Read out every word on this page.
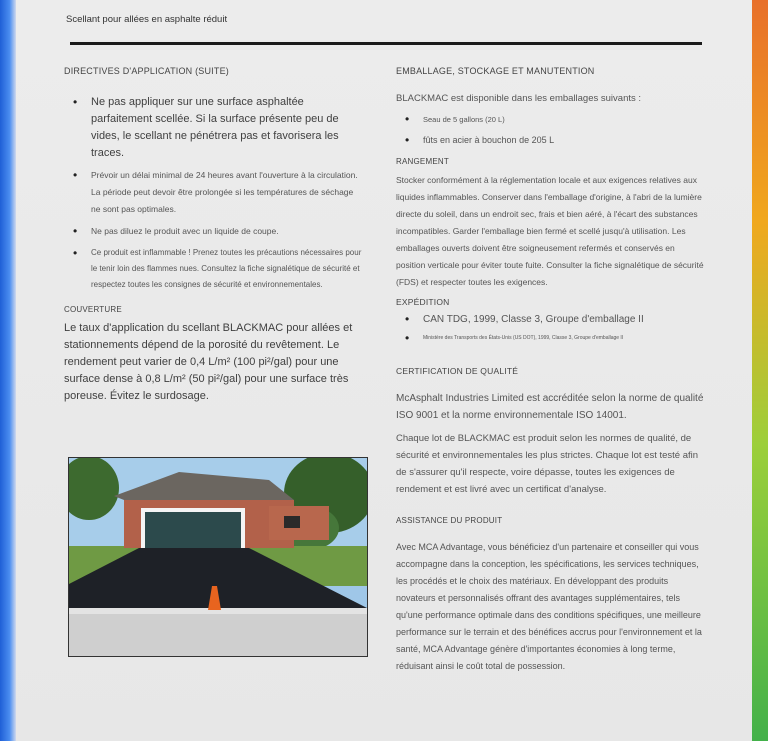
Scellant pour allées en asphalte réduit
DIRECTIVES D'APPLICATION (SUITE)
• Ne pas appliquer sur une surface asphaltée parfaitement scellée. Si la surface présente peu de vides, le scellant ne pénétrera pas et favorisera les traces.
• Prévoir un délai minimal de 24 heures avant l'ouverture à la circulation. La période peut devoir être prolongée si les températures de séchage ne sont pas optimales.
• Ne pas diluez le produit avec un liquide de coupe.
• Ce produit est inflammable ! Prenez toutes les précautions nécessaires pour le tenir loin des flammes nues. Consultez la fiche signalétique de sécurité et respectez toutes les consignes de sécurité et environnementales.
COUVERTURE

Le taux d'application du scellant BLACKMAC pour allées et stationnements dépend de la porosité du revêtement. Le rendement peut varier de 0,4 L/m² (100 pi²/gal) pour une surface dense à 0,8 L/m² (50 pi²/gal) pour une surface très poreuse. Évitez le surdosage.

EMBALLAGE, STOCKAGE ET MANUTENTION

BLACKMAC est disponible dans les emballages suivants :

• Seau de 5 gallons (20 L)
• fûts en acier à bouchon de 205 L
RANGEMENT

Stocker conformément à la réglementation locale et aux exigences relatives aux liquides inflammables. Conserver dans l'emballage d'origine, à l'abri de la lumière directe du soleil, dans un endroit sec, frais et bien aéré, à l'écart des substances incompatibles. Garder l'emballage bien fermé et scellé jusqu'à utilisation. Les emballages ouverts doivent être soigneusement refermés et conservés en position verticale pour éviter toute fuite. Consulter la fiche signalétique de sécurité (FDS) et respecter toutes les exigences.

EXPÉDITION
• CAN TDG, 1999, Classe 3, Groupe d'emballage II
• Ministère des Transports des États-Unis (US DOT), 1999, Classe 3, Groupe d'emballage II
CERTIFICATION DE QUALITÉ

McAsphalt Industries Limited est accréditée selon la norme de qualité ISO 9001 et la norme environnementale ISO 14001.

Chaque lot de BLACKMAC est produit selon les normes de qualité, de sécurité et environnementales les plus strictes. Chaque lot est testé afin de s'assurer qu'il respecte, voire dépasse, toutes les exigences de rendement et est livré avec un certificat d'analyse.

ASSISTANCE DU PRODUIT

Avec MCA Advantage, vous bénéficiez d'un partenaire et conseiller qui vous accompagne dans la conception, les spécifications, les services techniques, les procédés et le choix des matériaux. En développant des produits novateurs et personnalisés offrant des avantages supplémentaires, tels qu'une performance optimale dans des conditions spécifiques, une meilleure performance sur le terrain et des bénéfices accrus pour l'environnement et la santé, MCA Advantage génère d'importantes économies à long terme, réduisant ainsi le coût total de possession.
